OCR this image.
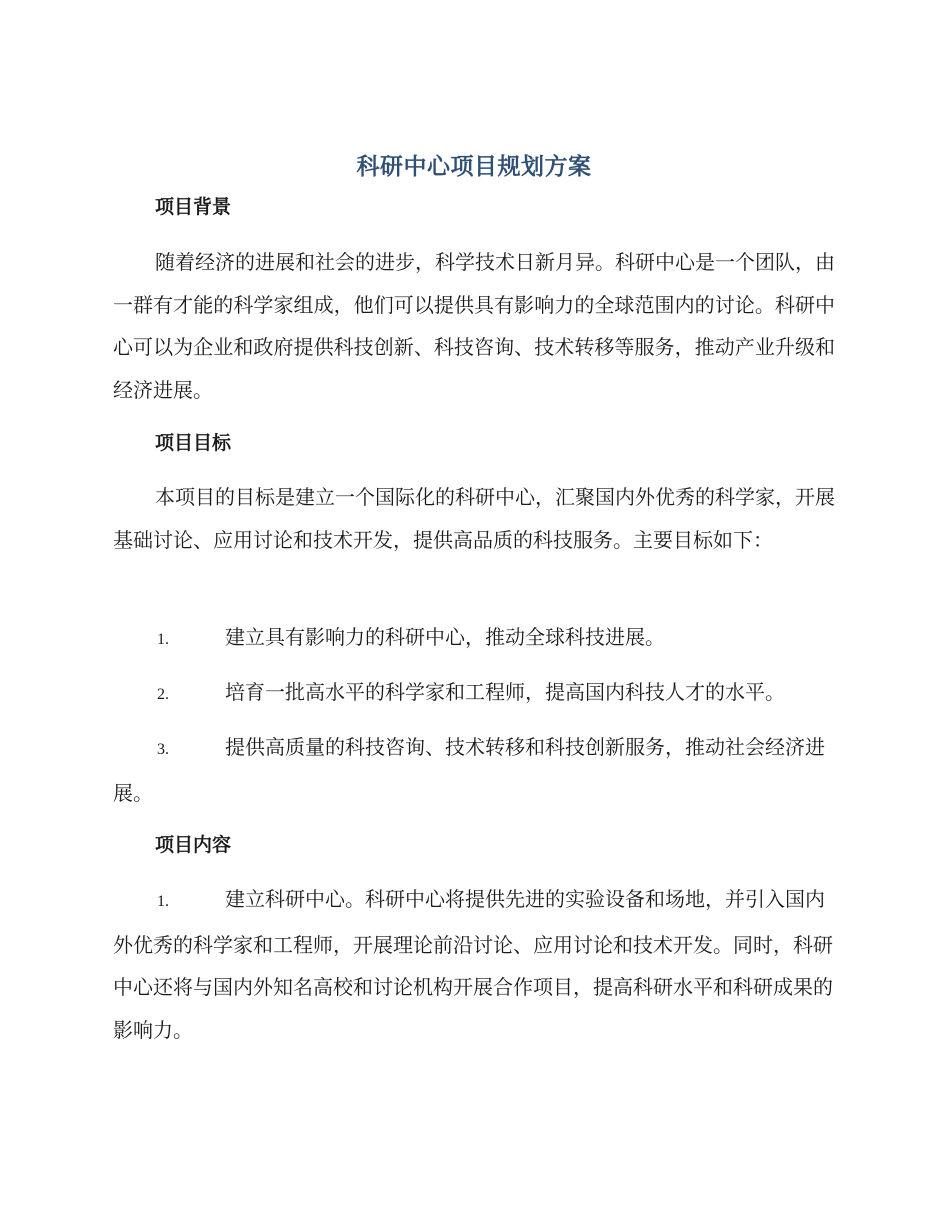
科研中心项目规划方案
项目背景

随着经济的进展和社会的进步，科学技术日新月异。科研中心是一个团队，由一群有才能的科学家组成，他们可以提供具有影响力的全球范围内的讨论。科研中心可以为企业和政府提供科技创新、科技咨询、技术转移等服务，推动产业升级和经济进展。

项目目标

本项目的目标是建立一个国际化的科研中心，汇聚国内外优秀的科学家，开展基础讨论、应用讨论和技术开发，提供高品质的科技服务。主要目标如下：

1.	建立具有影响力的科研中心，推动全球科技进展。

2.	培育一批高水平的科学家和工程师，提高国内科技人才的水平。

3.	提供高质量的科技咨询、技术转移和科技创新服务，推动社会经济进展。

项目内容

1.	建立科研中心。科研中心将提供先进的实验设备和场地，并引入国内外优秀的科学家和工程师，开展理论前沿讨论、应用讨论和技术开发。同时，科研中心还将与国内外知名高校和讨论机构开展合作项目，提高科研水平和科研成果的影响力。
